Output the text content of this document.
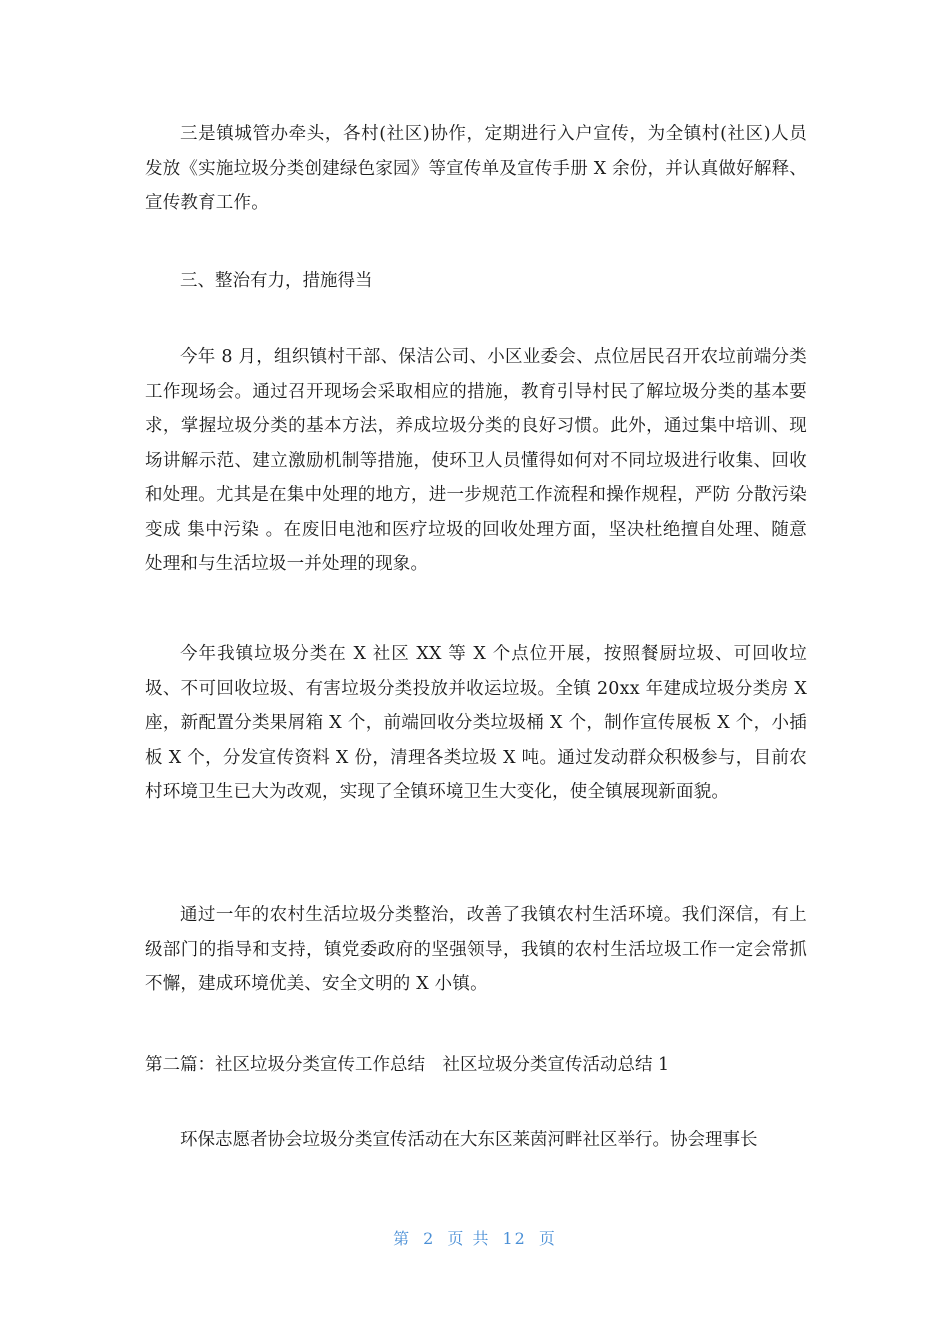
三是镇城管办牵头，各村(社区)协作，定期进行入户宣传，为全镇村(社区)人员发放《实施垃圾分类创建绿色家园》等宣传单及宣传手册 X 余份，并认真做好解释、宣传教育工作。

三、整治有力，措施得当

今年 8 月，组织镇村干部、保洁公司、小区业委会、点位居民召开农垃前端分类工作现场会。通过召开现场会采取相应的措施，教育引导村民了解垃圾分类的基本要求，掌握垃圾分类的基本方法，养成垃圾分类的良好习惯。此外，通过集中培训、现场讲解示范、建立激励机制等措施，使环卫人员懂得如何对不同垃圾进行收集、回收和处理。尤其是在集中处理的地方，进一步规范工作流程和操作规程，严防 分散污染 变成 集中污染 。在废旧电池和医疗垃圾的回收处理方面，坚决杜绝擅自处理、随意处理和与生活垃圾一并处理的现象。

今年我镇垃圾分类在 X 社区 XX 等 X 个点位开展，按照餐厨垃圾、可回收垃圾、不可回收垃圾、有害垃圾分类投放并收运垃圾。全镇 20xx 年建成垃圾分类房 X 座，新配置分类果屑箱 X 个，前端回收分类垃圾桶 X 个，制作宣传展板 X 个，小插板 X 个，分发宣传资料 X 份，清理各类垃圾 X 吨。通过发动群众积极参与，目前农村环境卫生已大为改观，实现了全镇环境卫生大变化，使全镇展现新面貌。

通过一年的农村生活垃圾分类整治，改善了我镇农村生活环境。我们深信，有上级部门的指导和支持，镇党委政府的坚强领导，我镇的农村生活垃圾工作一定会常抓不懈，建成环境优美、安全文明的 X 小镇。

第二篇：社区垃圾分类宣传工作总结　社区垃圾分类宣传活动总结 1

环保志愿者协会垃圾分类宣传活动在大东区莱茵河畔社区举行。协会理事长

第 2 页 共 12 页
